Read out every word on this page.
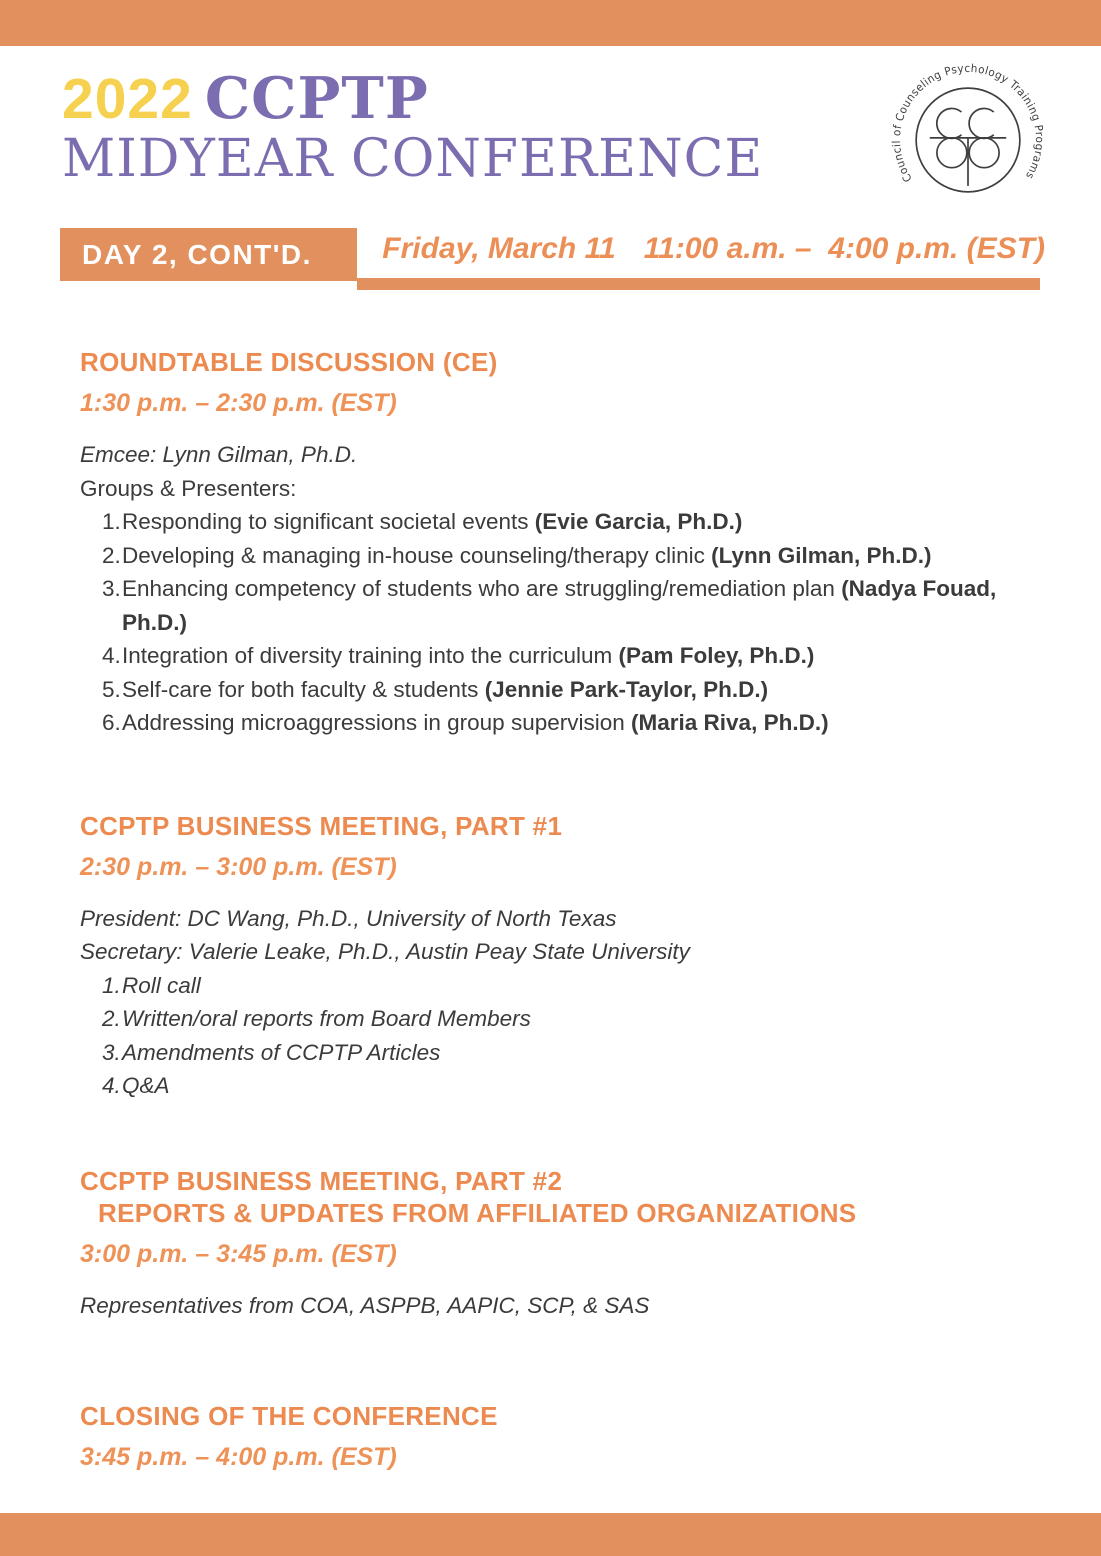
2022 CCPTP
MIDYEAR CONFERENCE	Council of Counseling Psychology Training Programs
DAY 2, CONT'D. Friday, March 11 11:00 a.m. –  4:00 p.m. (EST)
ROUNDTABLE DISCUSSION (CE)
1:30 p.m. – 2:30 p.m. (EST)

Emcee: Lynn Gilman, Ph.D.

Groups & Presenters:

Responding to significant societal events (Evie Garcia, Ph.D.)
Developing & managing in-house counseling/therapy clinic (Lynn Gilman, Ph.D.)
Enhancing competency of students who are struggling/remediation plan (Nadya Fouad, Ph.D.)
Integration of diversity training into the curriculum (Pam Foley, Ph.D.)
Self-care for both faculty & students (Jennie Park-Taylor, Ph.D.)
Addressing microaggressions in group supervision (Maria Riva, Ph.D.)
CCPTP BUSINESS MEETING, PART #1
2:30 p.m. – 3:00 p.m. (EST)

President: DC Wang, Ph.D., University of North Texas

Secretary: Valerie Leake, Ph.D., Austin Peay State University

Roll call
Written/oral reports from Board Members
Amendments of CCPTP Articles
Q&A
CCPTP BUSINESS MEETING, PART #2
REPORTS & UPDATES FROM AFFILIATED ORGANIZATIONS
3:00 p.m. – 3:45 p.m. (EST)

Representatives from COA, ASPPB, AAPIC, SCP, & SAS

CLOSING OF THE CONFERENCE
3:45 p.m. – 4:00 p.m. (EST)
